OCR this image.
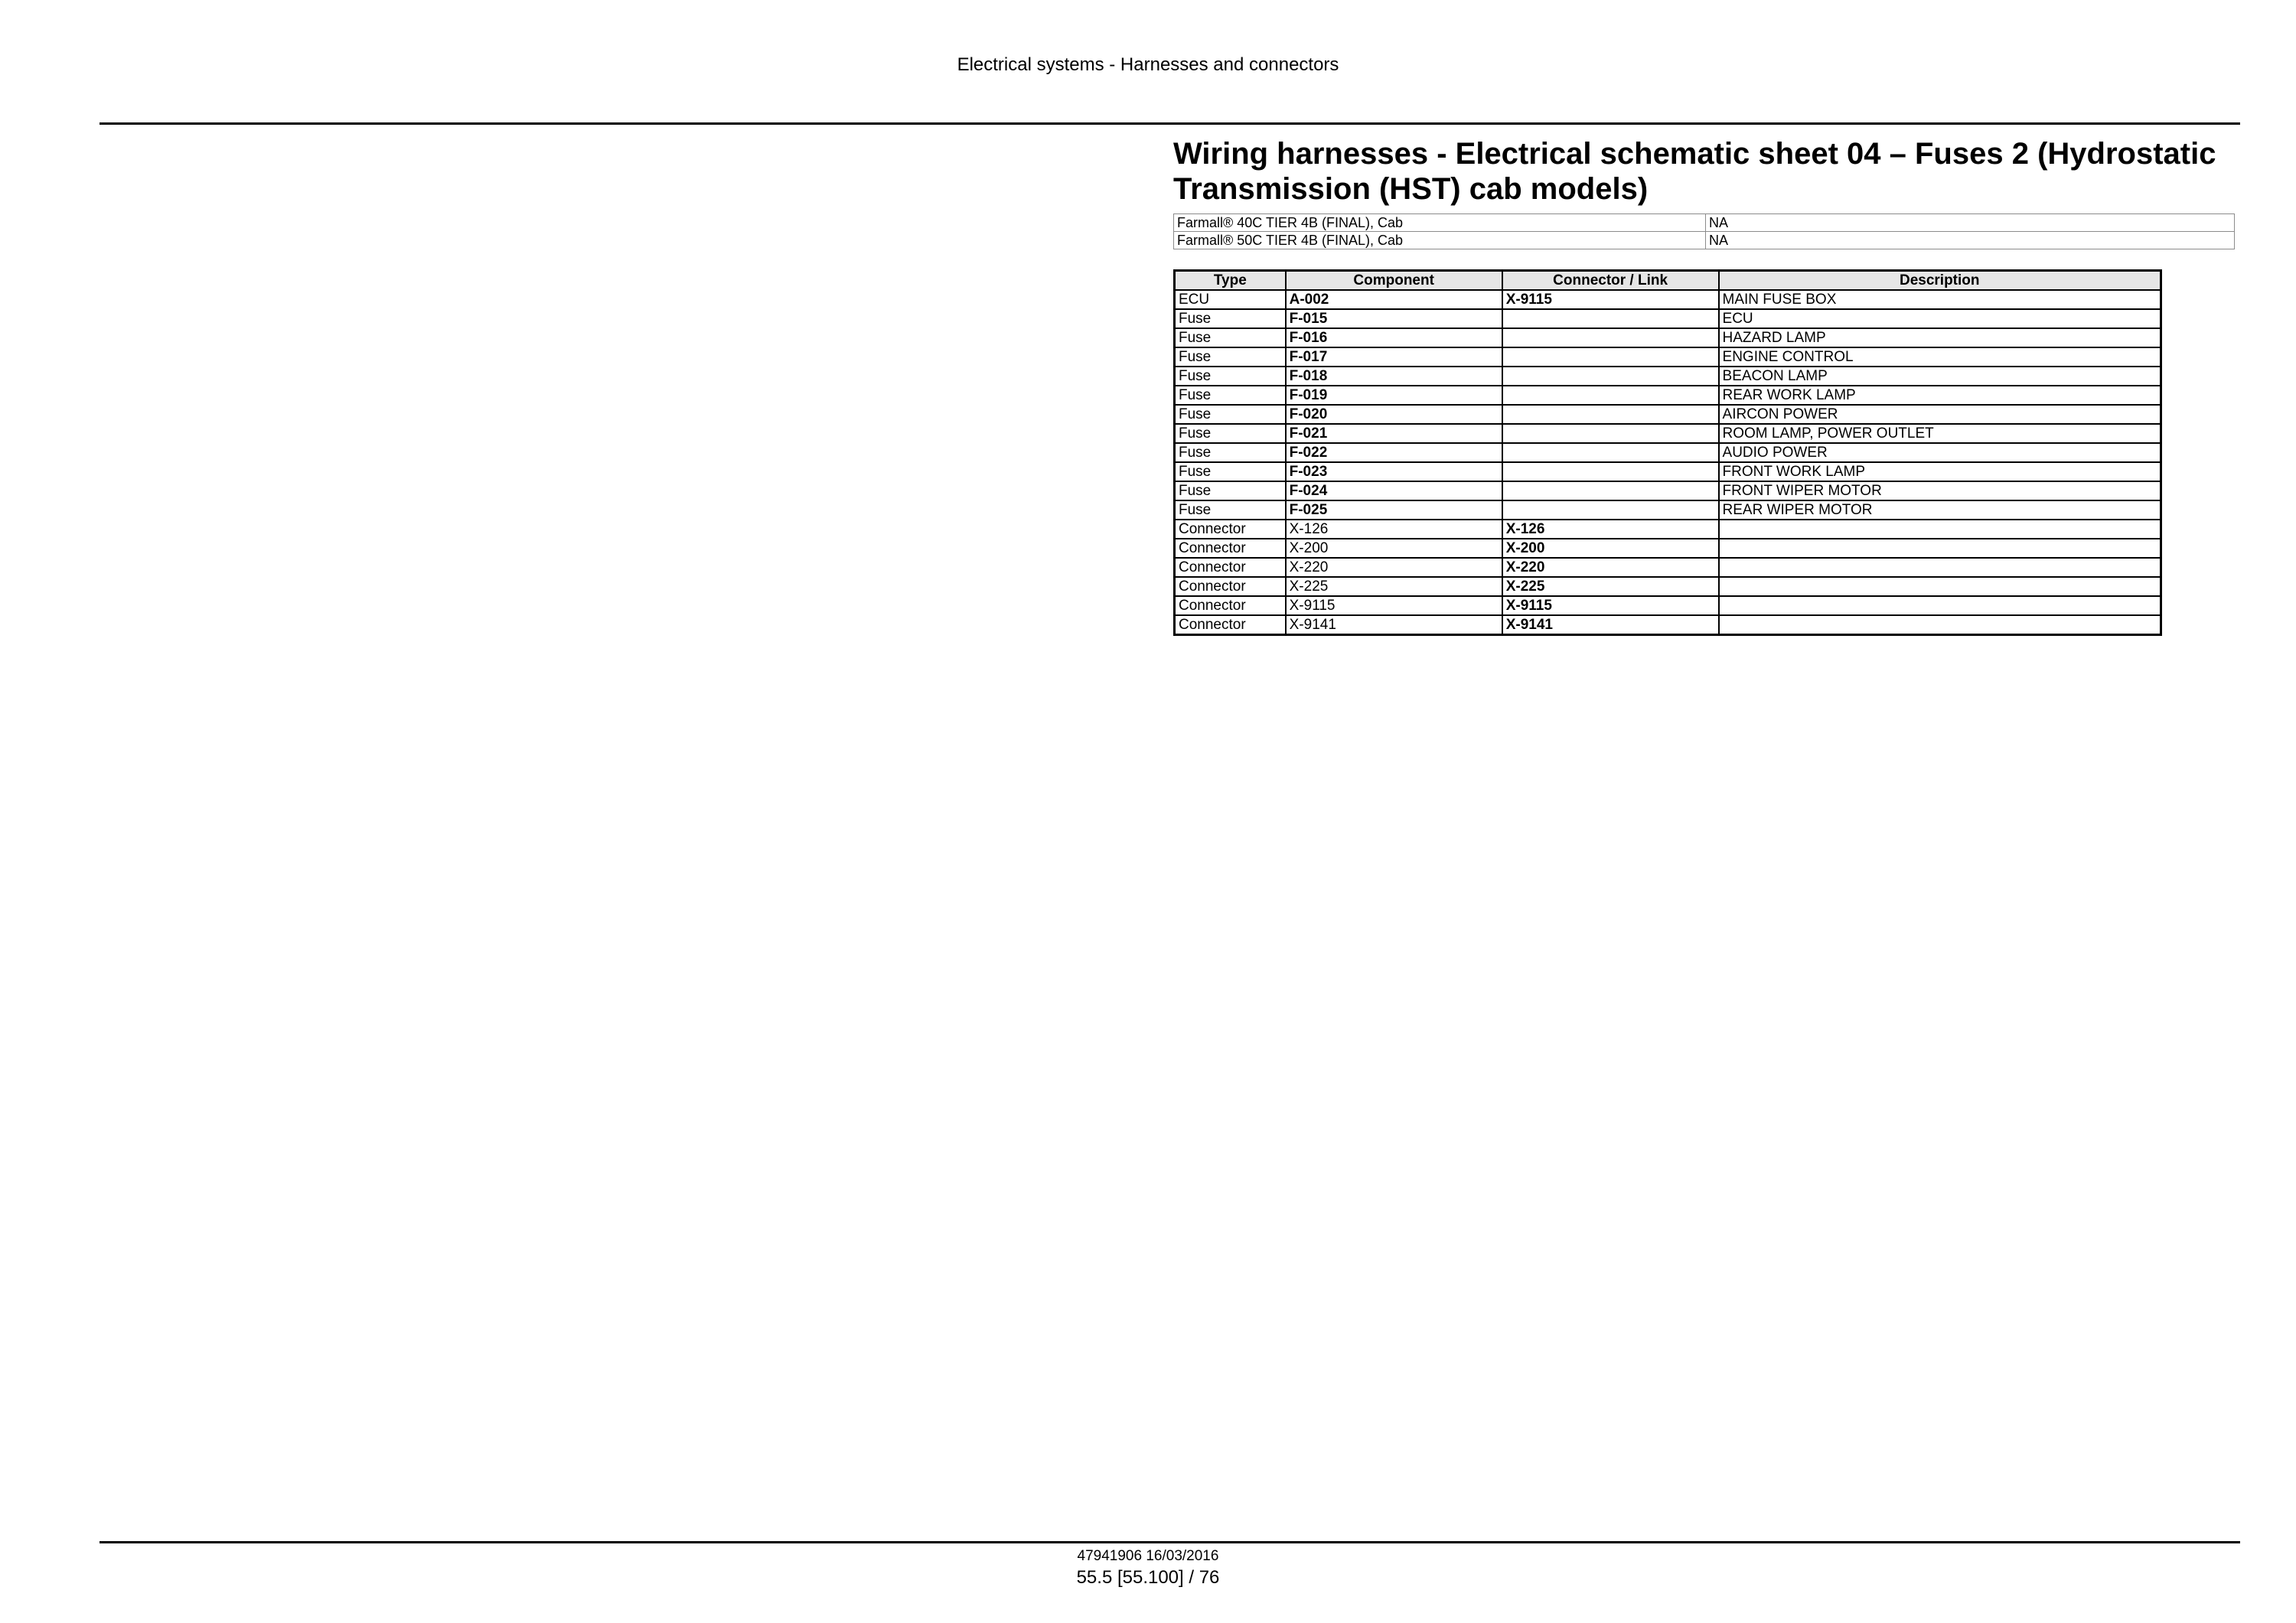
Electrical systems - Harnesses and connectors
Wiring harnesses - Electrical schematic sheet 04 – Fuses 2 (Hydrostatic Transmission (HST) cab models)
Farmall® 40C TIER 4B (FINAL), Cab	NA
Farmall® 50C TIER 4B (FINAL), Cab	NA
Type	Component	Connector / Link	Description
ECU	A-002	X-9115	MAIN FUSE BOX
Fuse	F-015		ECU
Fuse	F-016		HAZARD LAMP
Fuse	F-017		ENGINE CONTROL
Fuse	F-018		BEACON LAMP
Fuse	F-019		REAR WORK LAMP
Fuse	F-020		AIRCON POWER
Fuse	F-021		ROOM LAMP, POWER OUTLET
Fuse	F-022		AUDIO POWER
Fuse	F-023		FRONT WORK LAMP
Fuse	F-024		FRONT WIPER MOTOR
Fuse	F-025		REAR WIPER MOTOR
Connector	X-126	X-126	
Connector	X-200	X-200	
Connector	X-220	X-220	
Connector	X-225	X-225	
Connector	X-9115	X-9115	
Connector	X-9141	X-9141	
47941906 16/03/2016
55.5 [55.100] / 76
